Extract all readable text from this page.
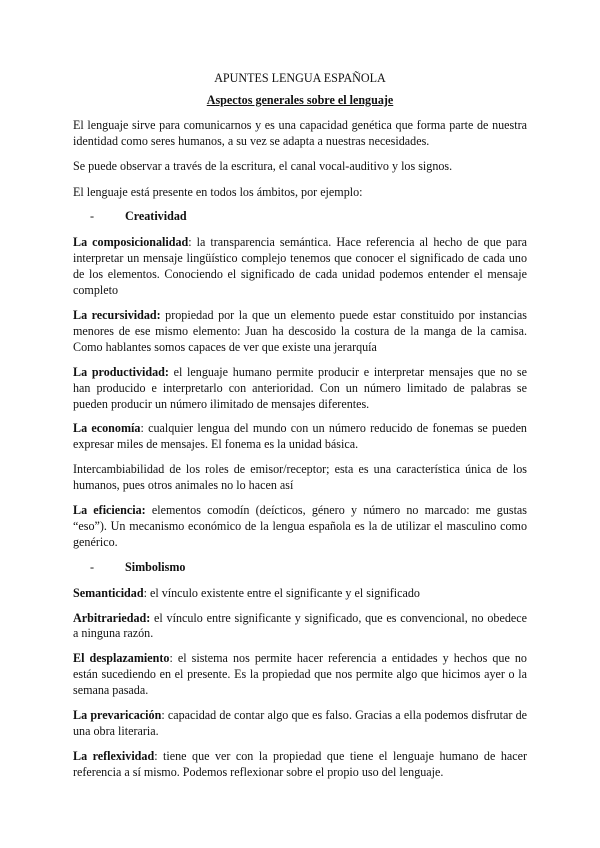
APUNTES LENGUA ESPAÑOLA
Aspectos generales sobre el lenguaje

El lenguaje sirve para comunicarnos y es una capacidad genética que forma parte de nuestra identidad como seres humanos, a su vez se adapta a nuestras necesidades.

Se puede observar a través de la escritura, el canal vocal-auditivo y los signos.

El lenguaje está presente en todos los ámbitos, por ejemplo:

-	Creatividad

La composicionalidad: la transparencia semántica. Hace referencia al hecho de que para interpretar un mensaje lingüístico complejo tenemos que conocer el significado de cada uno de los elementos. Conociendo el significado de cada unidad podemos entender el mensaje completo

La recursividad: propiedad por la que un elemento puede estar constituido por instancias menores de ese mismo elemento: Juan ha descosido la costura de la manga de la camisa. Como hablantes somos capaces de ver que existe una jerarquía

La productividad: el lenguaje humano permite producir e interpretar mensajes que no se han producido e interpretarlo con anterioridad. Con un número limitado de palabras se pueden producir un número ilimitado de mensajes diferentes.

La economía: cualquier lengua del mundo con un número reducido de fonemas se pueden expresar miles de mensajes. El fonema es la unidad básica.

Intercambiabilidad de los roles de emisor/receptor; esta es una característica única de los humanos, pues otros animales no lo hacen así

La eficiencia: elementos comodín (deícticos, género y número no marcado: me gustas “eso”). Un mecanismo económico de la lengua española es la de utilizar el masculino como genérico.

-	Simbolismo

Semanticidad: el vínculo existente entre el significante y el significado

Arbitrariedad: el vínculo entre significante y significado, que es convencional, no obedece a ninguna razón.

El desplazamiento: el sistema nos permite hacer referencia a entidades y hechos que no están sucediendo en el presente. Es la propiedad que nos permite algo que hicimos ayer o la semana pasada.

La prevaricación: capacidad de contar algo que es falso. Gracias a ella podemos disfrutar de una obra literaria.

La reflexividad: tiene que ver con la propiedad que tiene el lenguaje humano de hacer referencia a sí mismo. Podemos reflexionar sobre el propio uso del lenguaje.
